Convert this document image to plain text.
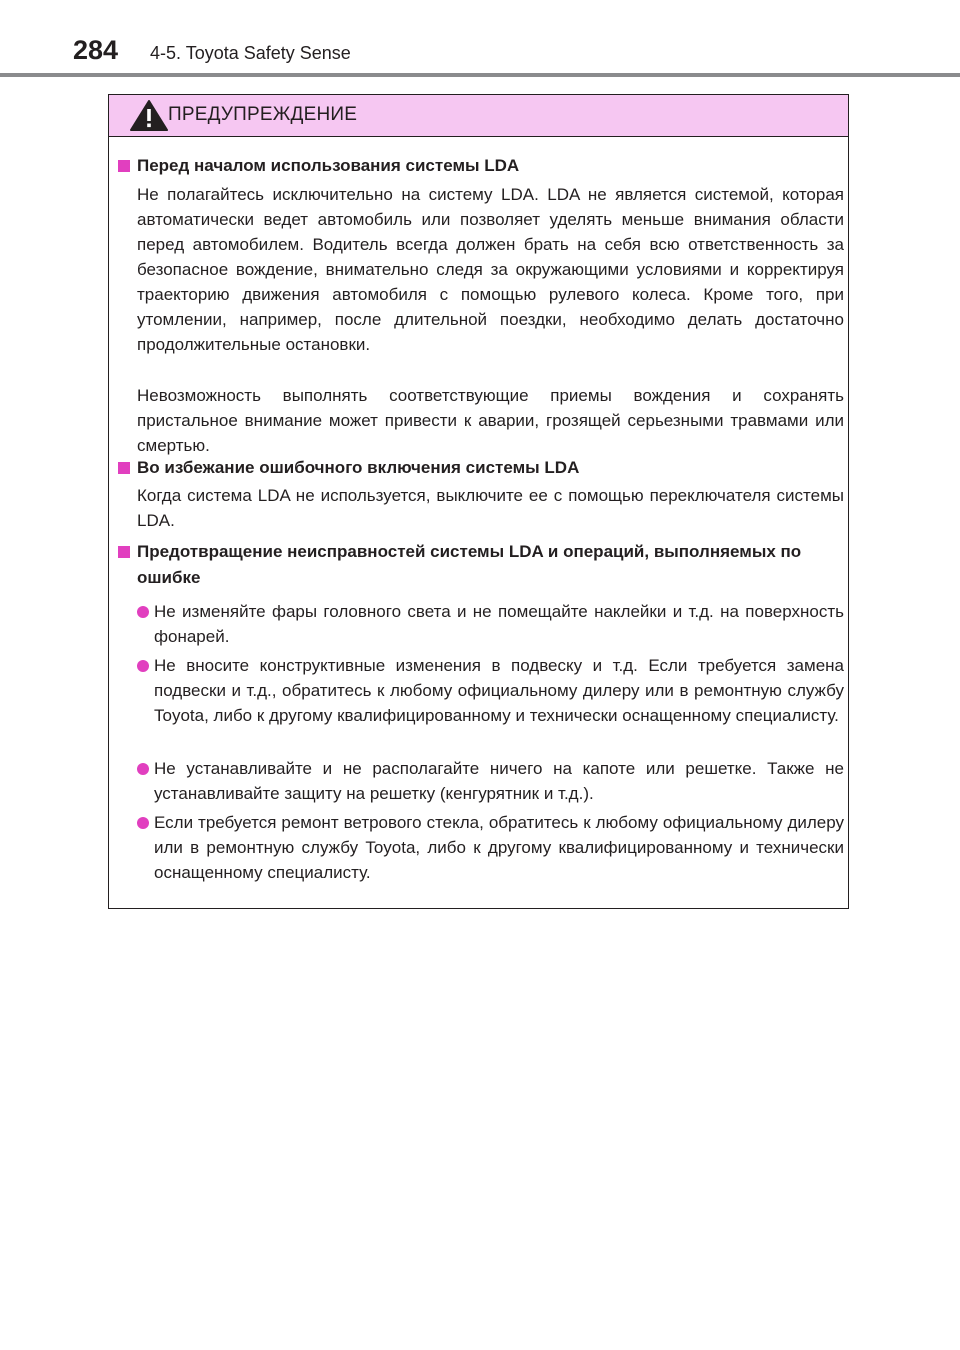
284 4-5. Toyota Safety Sense
ПРЕДУПРЕЖДЕНИЕ
Перед началом использования системы LDA
Не полагайтесь исключительно на систему LDA. LDA не является системой, которая автоматически ведет автомобиль или позволяет уделять меньше внимания области перед автомобилем. Водитель всегда должен брать на себя всю ответственность за безопасное вождение, внимательно следя за окружающими условиями и корректируя траекторию движения автомобиля с помощью рулевого колеса. Кроме того, при утомлении, например, после длительной поездки, необходимо делать достаточно продолжительные остановки.
Невозможность выполнять соответствующие приемы вождения и сохранять пристальное внимание может привести к аварии, грозящей серьезными травмами или смертью.
Во избежание ошибочного включения системы LDA
Когда система LDA не используется, выключите ее с помощью переключателя системы LDA.
Предотвращение неисправностей системы LDA и операций, выполняемых по ошибке
Не изменяйте фары головного света и не помещайте наклейки и т.д. на поверхность фонарей.
Не вносите конструктивные изменения в подвеску и т.д. Если требуется замена подвески и т.д., обратитесь к любому официальному дилеру или в ремонтную службу Toyota, либо к другому квалифицированному и технически оснащенному специалисту.
Не устанавливайте и не располагайте ничего на капоте или решетке. Также не устанавливайте защиту на решетку (кенгурятник и т.д.).
Если требуется ремонт ветрового стекла, обратитесь к любому официальному дилеру или в ремонтную службу Toyota, либо к другому квалифицированному и технически оснащенному специалисту.
